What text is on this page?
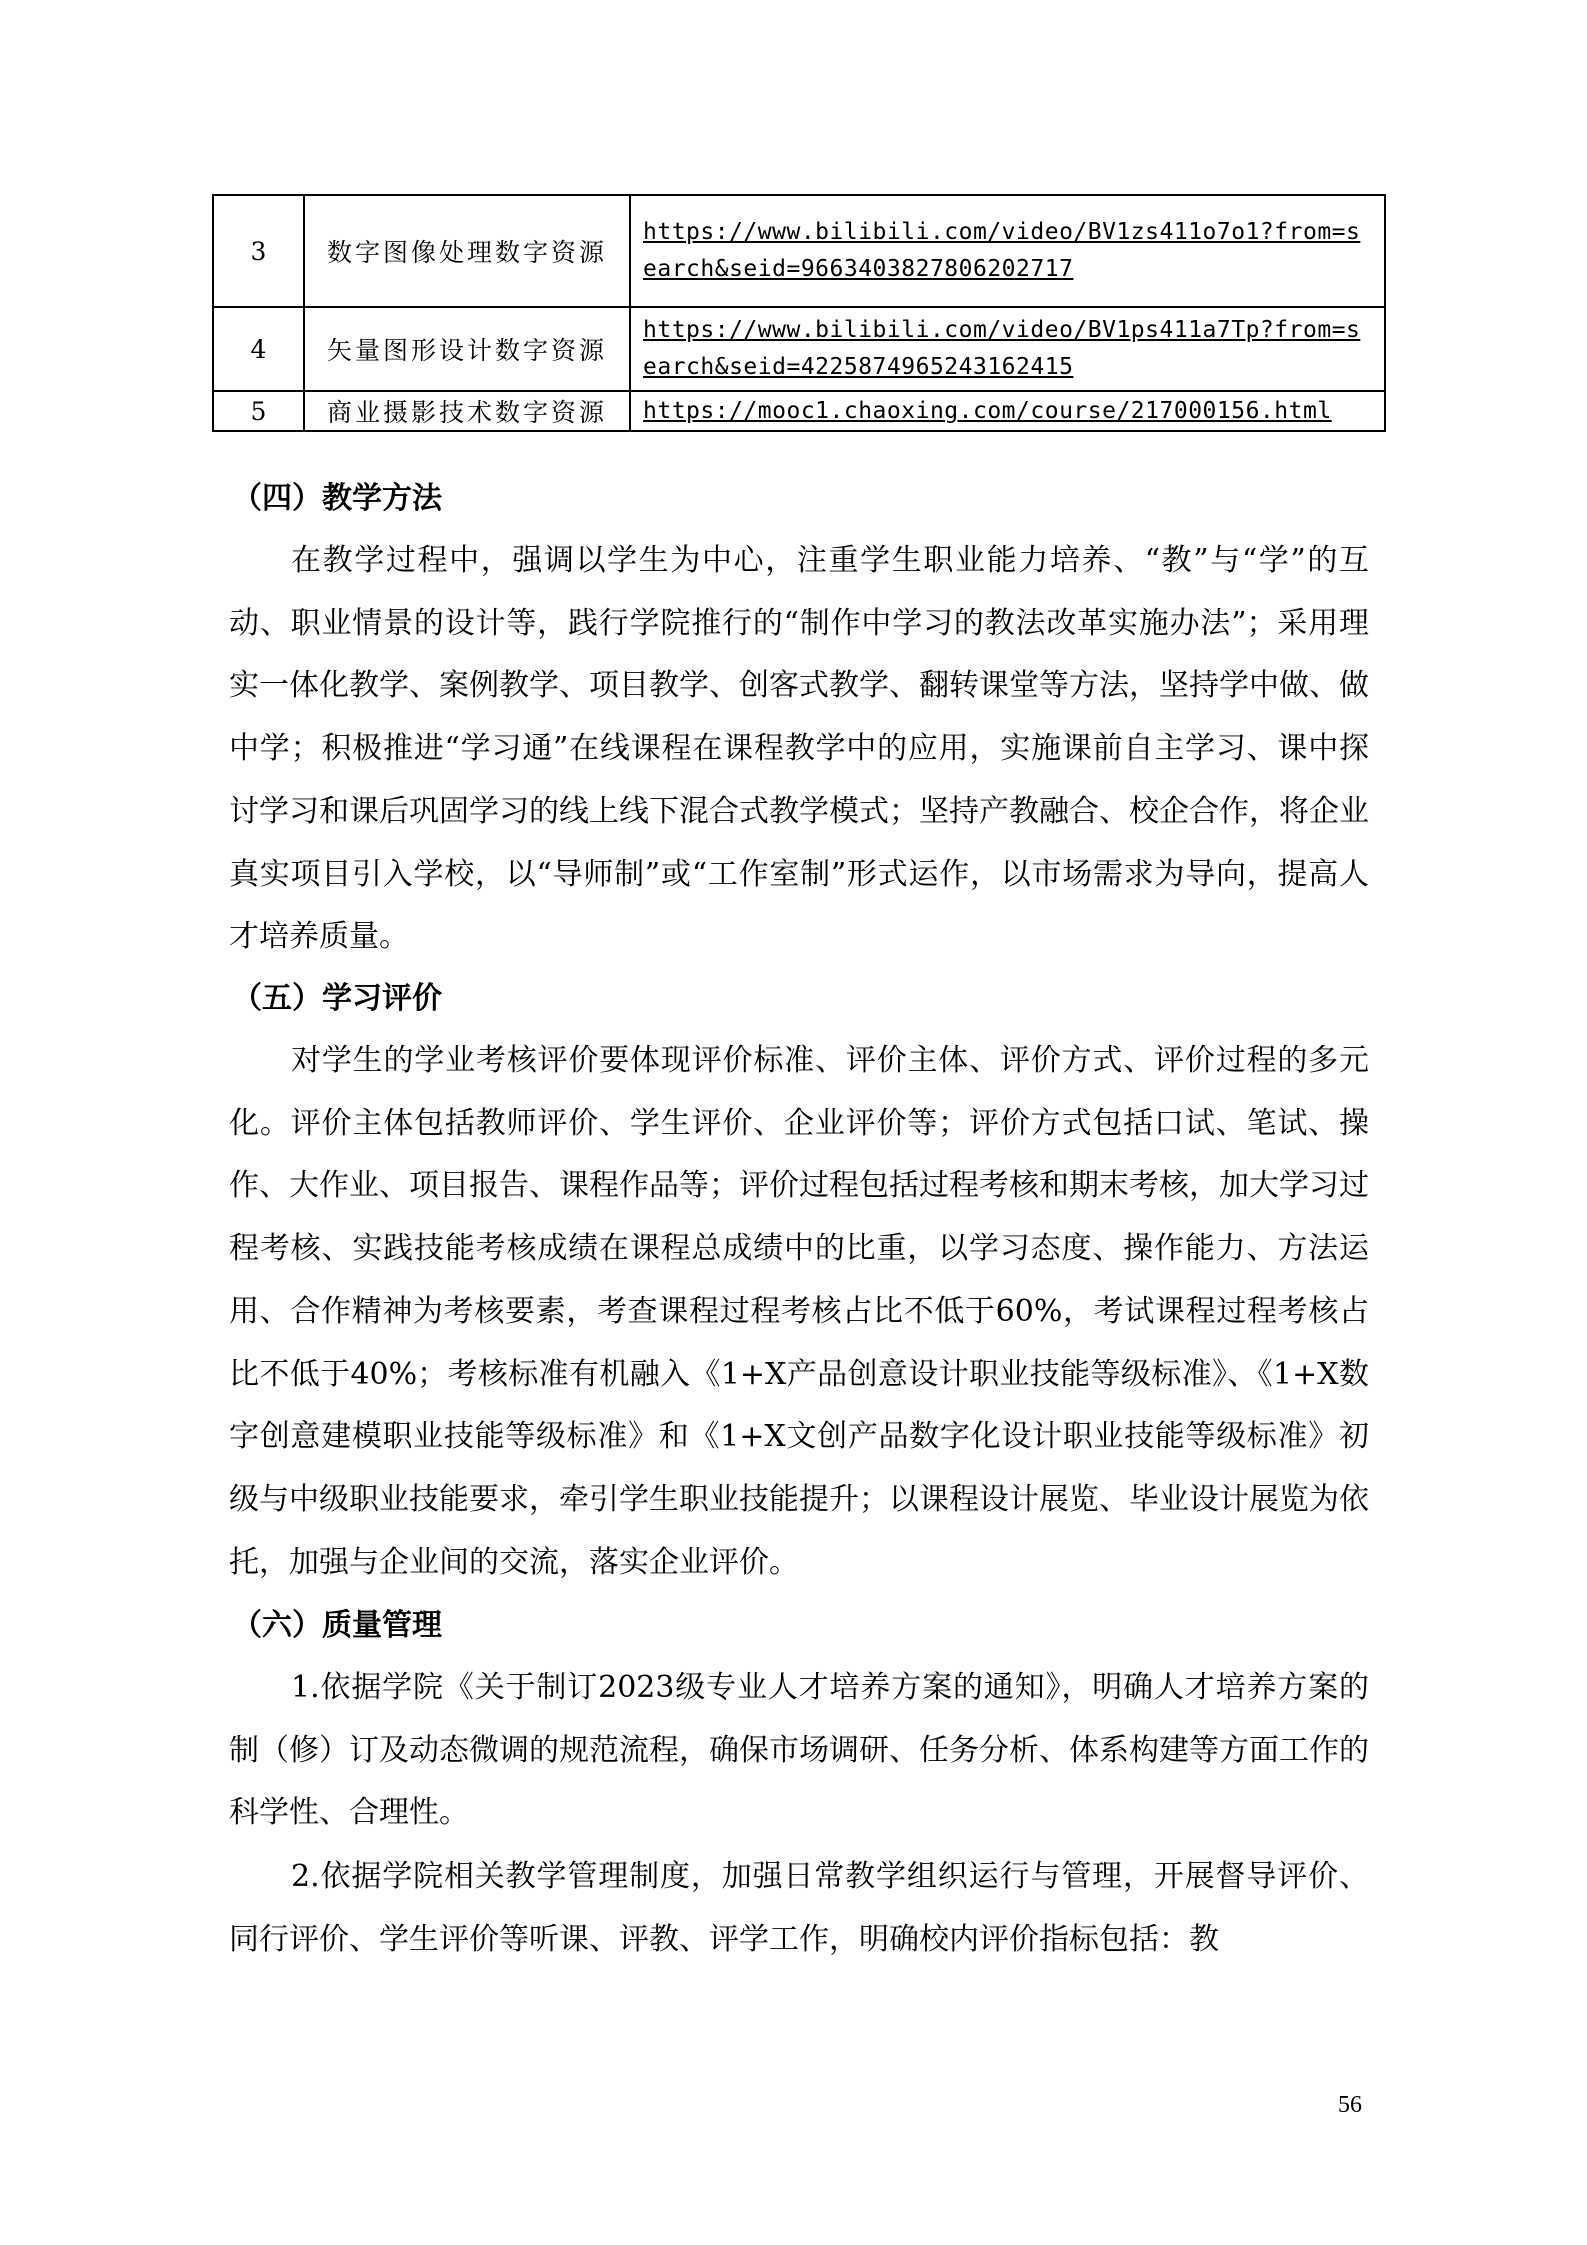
3	数字图像处理数字资源	https://www.bilibili.com/video/BV1zs411o7o1?from=search&seid=9663403827806202717

4	矢量图形设计数字资源	https://www.bilibili.com/video/BV1ps411a7Tp?from=search&seid=4225874965243162415

5	商业摄影技术数字资源	https://mooc1.chaoxing.com/course/217000156.html
（四）教学方法

在教学过程中，强调以学生为中心，注重学生职业能力培养、“教”与“学”的互动、职业情景的设计等，践行学院推行的“制作中学习的教法改革实施办法”；采用理实一体化教学、案例教学、项目教学、创客式教学、翻转课堂等方法，坚持学中做、做中学；积极推进“学习通”在线课程在课程教学中的应用，实施课前自主学习、课中探讨学习和课后巩固学习的线上线下混合式教学模式；坚持产教融合、校企合作，将企业真实项目引入学校，以“导师制”或“工作室制”形式运作，以市场需求为导向，提高人才培养质量。

（五）学习评价

对学生的学业考核评价要体现评价标准、评价主体、评价方式、评价过程的多元化。评价主体包括教师评价、学生评价、企业评价等；评价方式包括口试、笔试、操作、大作业、项目报告、课程作品等；评价过程包括过程考核和期末考核，加大学习过程考核、实践技能考核成绩在课程总成绩中的比重，以学习态度、操作能力、方法运用、合作精神为考核要素，考查课程过程考核占比不低于60%，考试课程过程考核占比不低于40%；考核标准有机融入《1+X产品创意设计职业技能等级标准》、《1+X数字创意建模职业技能等级标准》和《1+X文创产品数字化设计职业技能等级标准》初级与中级职业技能要求，牵引学生职业技能提升；以课程设计展览、毕业设计展览为依托，加强与企业间的交流，落实企业评价。

（六）质量管理

1.依据学院《关于制订2023级专业人才培养方案的通知》，明确人才培养方案的制（修）订及动态微调的规范流程，确保市场调研、任务分析、体系构建等方面工作的科学性、合理性。

2.依据学院相关教学管理制度，加强日常教学组织运行与管理，开展督导评价、同行评价、学生评价等听课、评教、评学工作，明确校内评价指标包括：教

56
